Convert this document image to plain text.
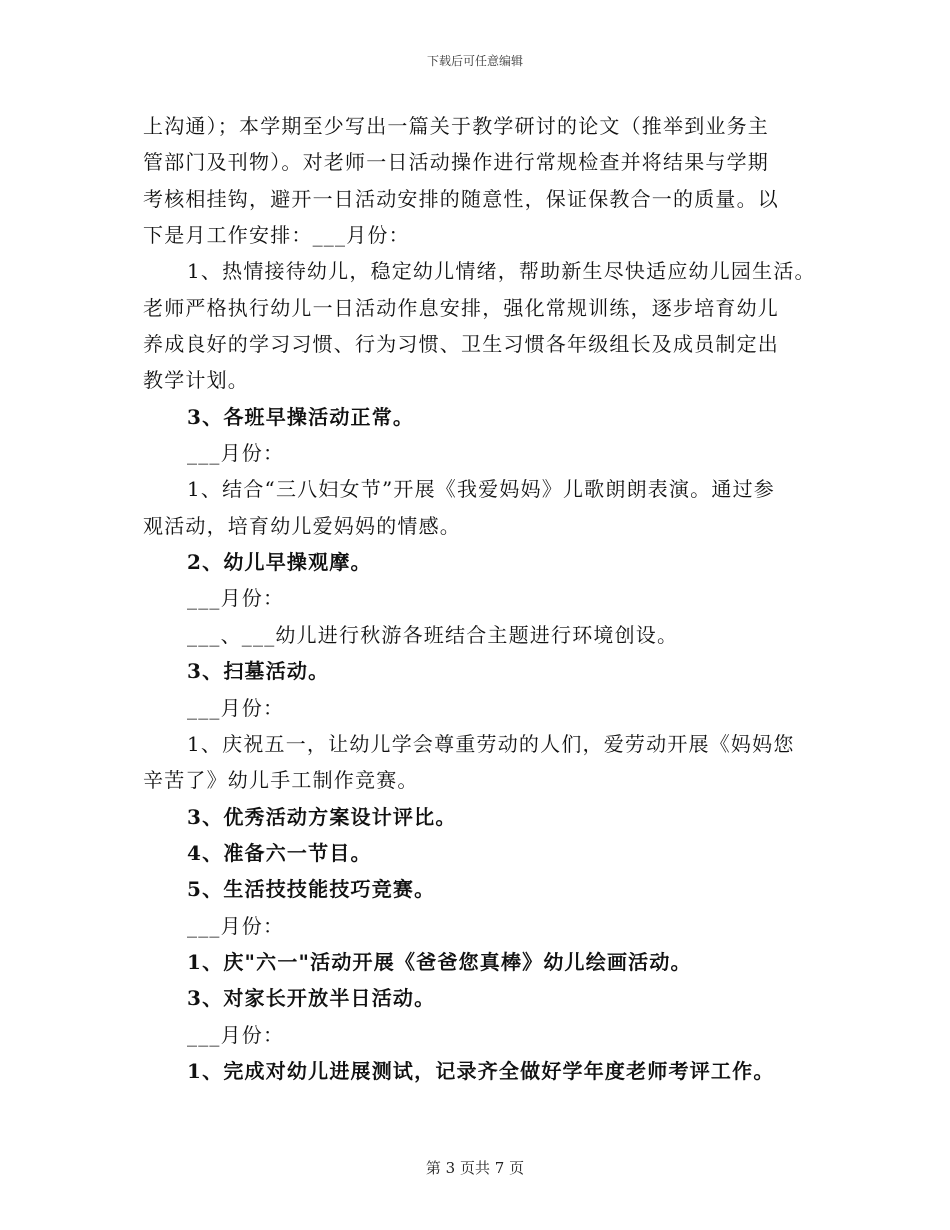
下载后可任意编辑
上沟通）；本学期至少写出一篇关于教学研讨的论文（推举到业务主
管部门及刊物）。对老师一日活动操作进行常规检查并将结果与学期
考核相挂钩，避开一日活动安排的随意性，保证保教合一的质量。以
下是月工作安排：___月份：
1、热情接待幼儿，稳定幼儿情绪，帮助新生尽快适应幼儿园生活。
老师严格执行幼儿一日活动作息安排，强化常规训练，逐步培育幼儿
养成良好的学习习惯、行为习惯、卫生习惯各年级组长及成员制定出
教学计划。
3、各班早操活动正常。
___月份：
1、结合“三八妇女节”开展《我爱妈妈》儿歌朗朗表演。通过参
观活动，培育幼儿爱妈妈的情感。
2、幼儿早操观摩。
___月份：
___、___幼儿进行秋游各班结合主题进行环境创设。
3、扫墓活动。
___月份：
1、庆祝五一，让幼儿学会尊重劳动的人们，爱劳动开展《妈妈您
辛苦了》幼儿手工制作竞赛。
3、优秀活动方案设计评比。
4、准备六一节目。
5、生活技技能技巧竞赛。
___月份：
1、庆"六一"活动开展《爸爸您真棒》幼儿绘画活动。
3、对家长开放半日活动。
___月份：
1、完成对幼儿进展测试，记录齐全做好学年度老师考评工作。
第 3 页共 7 页
